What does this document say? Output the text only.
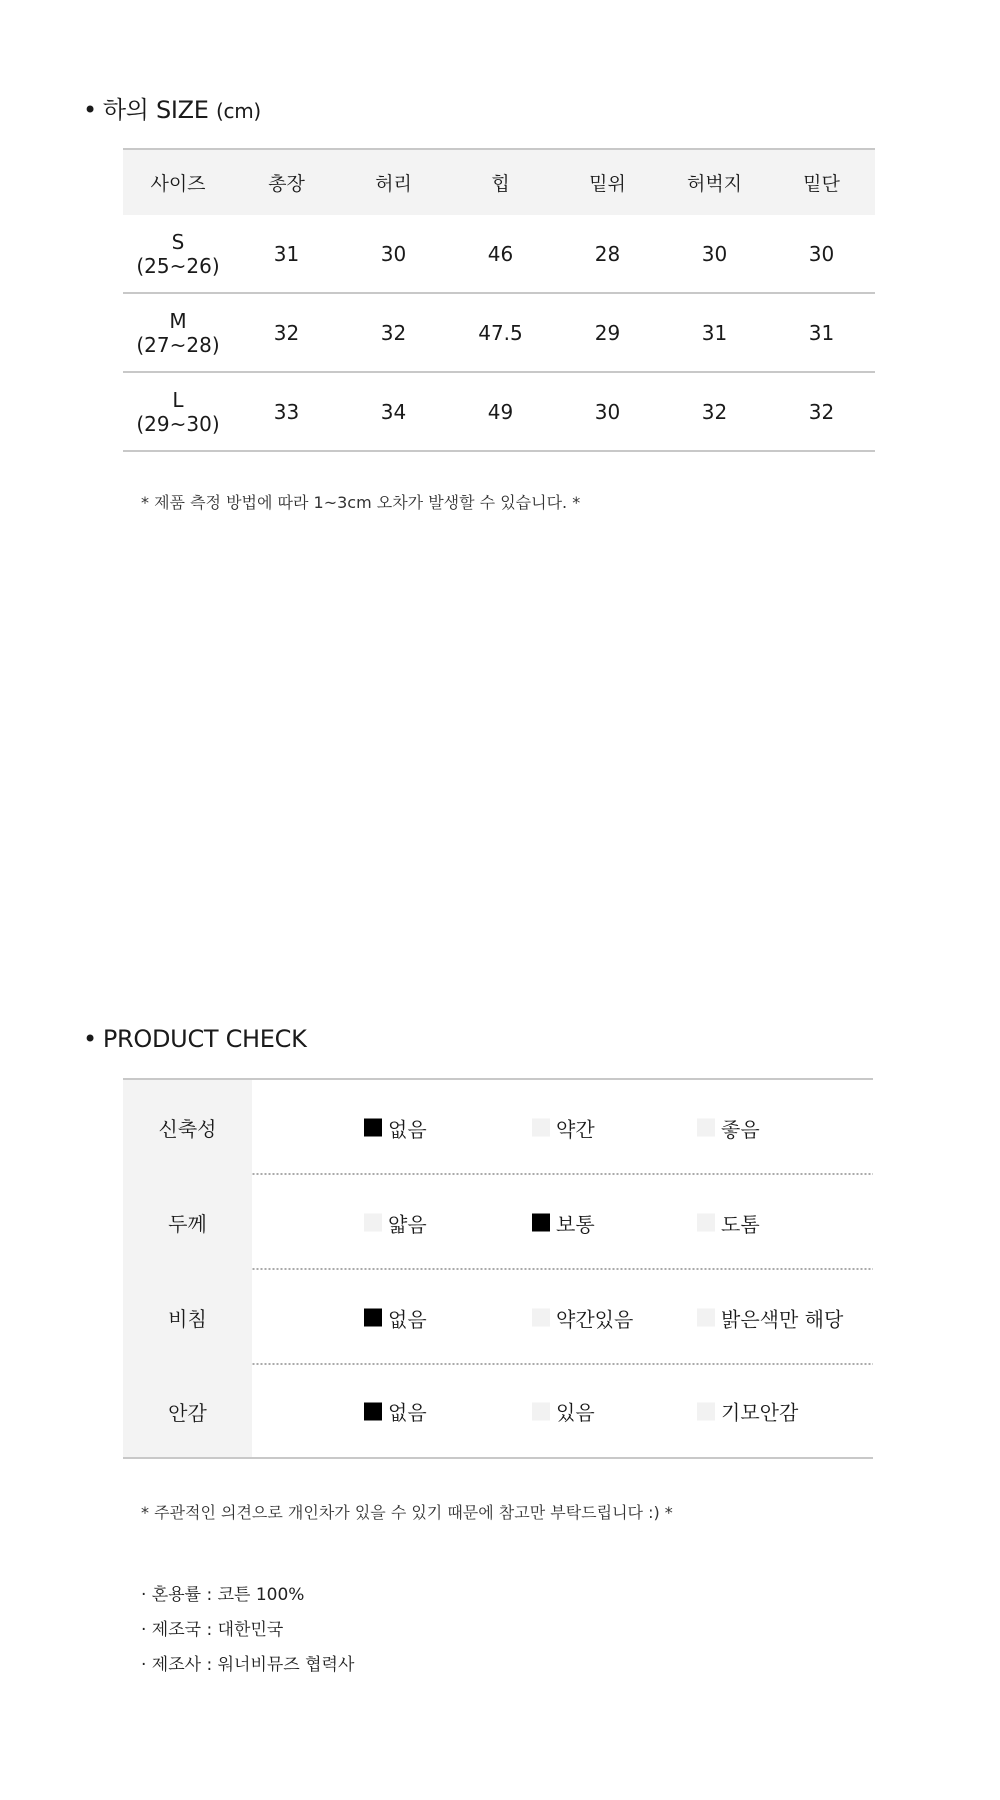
• 하의 SIZE (cm)
사이즈	총장	허리	힙	밑위	허벅지	밑단

S
(25~26)	31	30	46	28	30	30

M
(27~28)	32	32	47.5	29	31	31

L
(29~30)	33	34	49	30	32	32
* 제품 측정 방법에 따라 1~3cm 오차가 발생할 수 있습니다. *
• PRODUCT CHECK
신축성	없음 약간 좋음

두께	얇음 보통 도톰

비침	없음 약간있음 밝은색만 해당

안감	없음 있음 기모안감
* 주관적인 의견으로 개인차가 있을 수 있기 때문에 참고만 부탁드립니다 :) *
· 혼용률 : 코튼 100%
· 제조국 : 대한민국
· 제조사 : 워너비뮤즈 협력사
